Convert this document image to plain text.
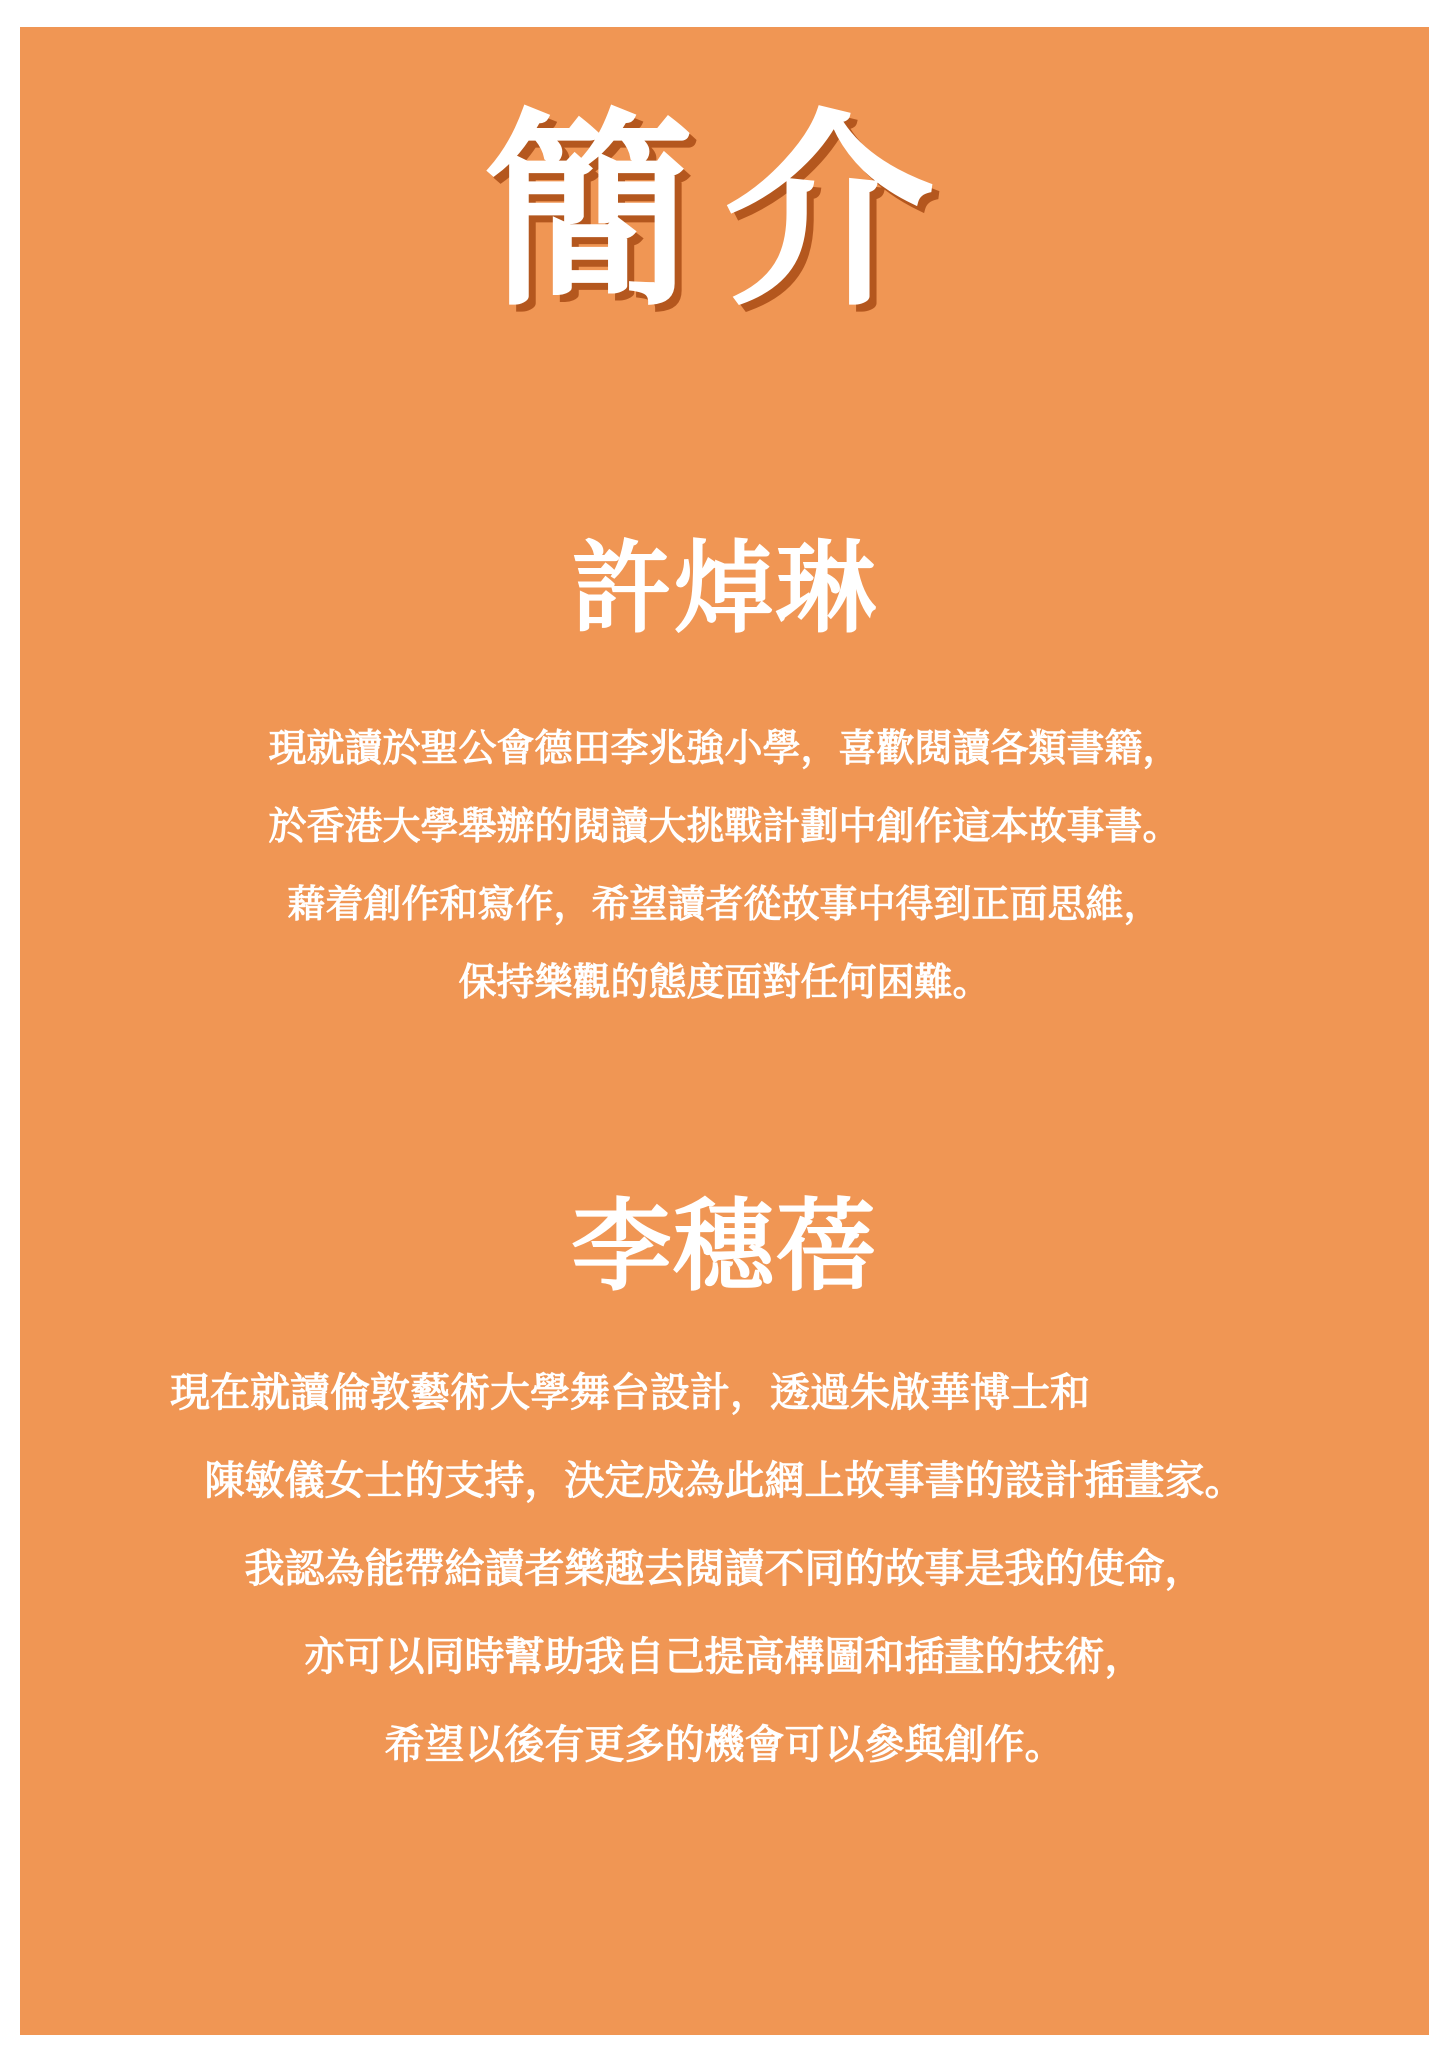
簡介
許焯琳
現就讀於聖公會德田李兆強小學，喜歡閱讀各類書籍，
於香港大學舉辦的閱讀大挑戰計劃中創作這本故事書。
藉着創作和寫作，希望讀者從故事中得到正面思維，
保持樂觀的態度面對任何困難。
李穗蓓
現在就讀倫敦藝術大學舞台設計，透過朱啟華博士和
陳敏儀女士的支持，決定成為此網上故事書的設計插畫家。
我認為能帶給讀者樂趣去閱讀不同的故事是我的使命，
亦可以同時幫助我自己提高構圖和插畫的技術，
希望以後有更多的機會可以參與創作。
